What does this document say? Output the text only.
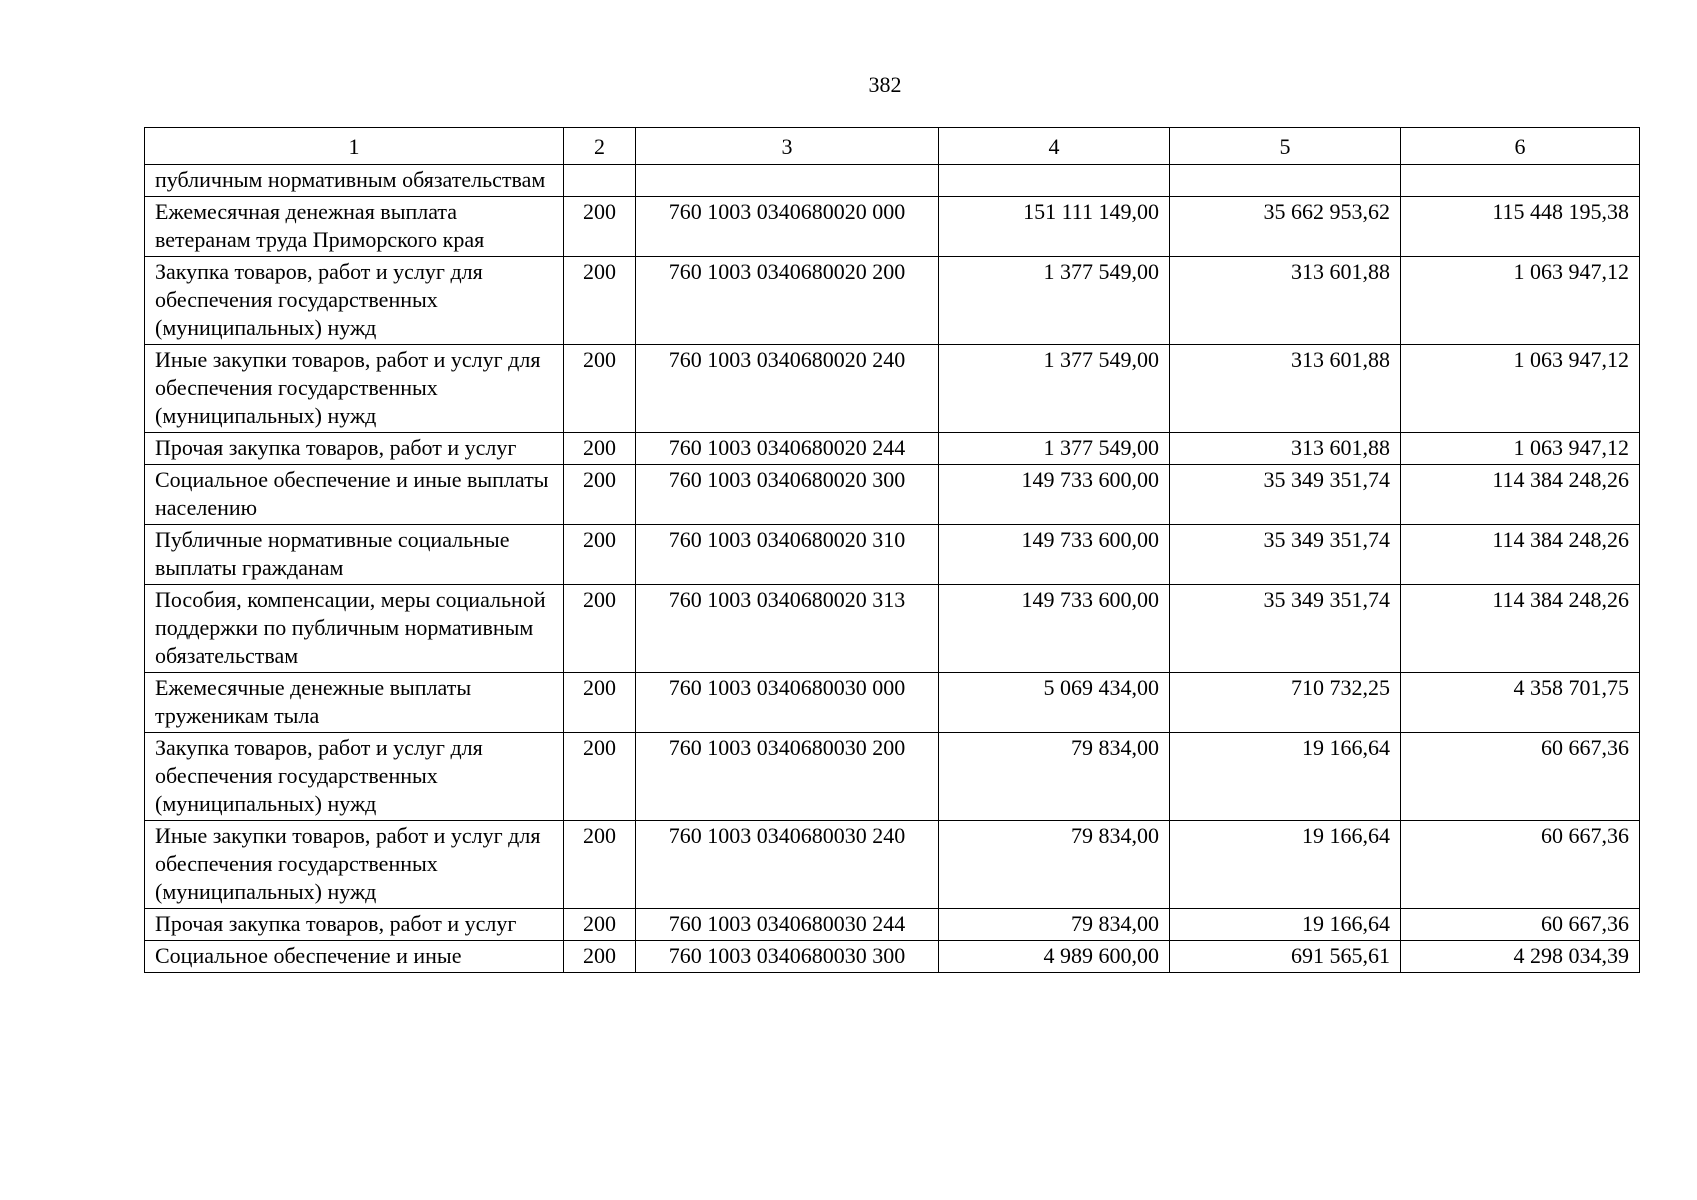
382
1	2	3	4	5	6
публичным нормативным обязательствам					
Ежемесячная денежная выплата ветеранам труда Приморского края	200	760 1003 0340680020 000	151 111 149,00	35 662 953,62	115 448 195,38
Закупка товаров, работ и услуг для обеспечения государственных (муниципальных) нужд	200	760 1003 0340680020 200	1 377 549,00	313 601,88	1 063 947,12
Иные закупки товаров, работ и услуг для обеспечения государственных (муниципальных) нужд	200	760 1003 0340680020 240	1 377 549,00	313 601,88	1 063 947,12
Прочая закупка товаров, работ и услуг	200	760 1003 0340680020 244	1 377 549,00	313 601,88	1 063 947,12
Социальное обеспечение и иные выплаты населению	200	760 1003 0340680020 300	149 733 600,00	35 349 351,74	114 384 248,26
Публичные нормативные социальные выплаты гражданам	200	760 1003 0340680020 310	149 733 600,00	35 349 351,74	114 384 248,26
Пособия, компенсации, меры социальной поддержки по публичным нормативным обязательствам	200	760 1003 0340680020 313	149 733 600,00	35 349 351,74	114 384 248,26
Ежемесячные денежные выплаты труженикам тыла	200	760 1003 0340680030 000	5 069 434,00	710 732,25	4 358 701,75
Закупка товаров, работ и услуг для обеспечения государственных (муниципальных) нужд	200	760 1003 0340680030 200	79 834,00	19 166,64	60 667,36
Иные закупки товаров, работ и услуг для обеспечения государственных (муниципальных) нужд	200	760 1003 0340680030 240	79 834,00	19 166,64	60 667,36
Прочая закупка товаров, работ и услуг	200	760 1003 0340680030 244	79 834,00	19 166,64	60 667,36
Социальное обеспечение и иные	200	760 1003 0340680030 300	4 989 600,00	691 565,61	4 298 034,39
